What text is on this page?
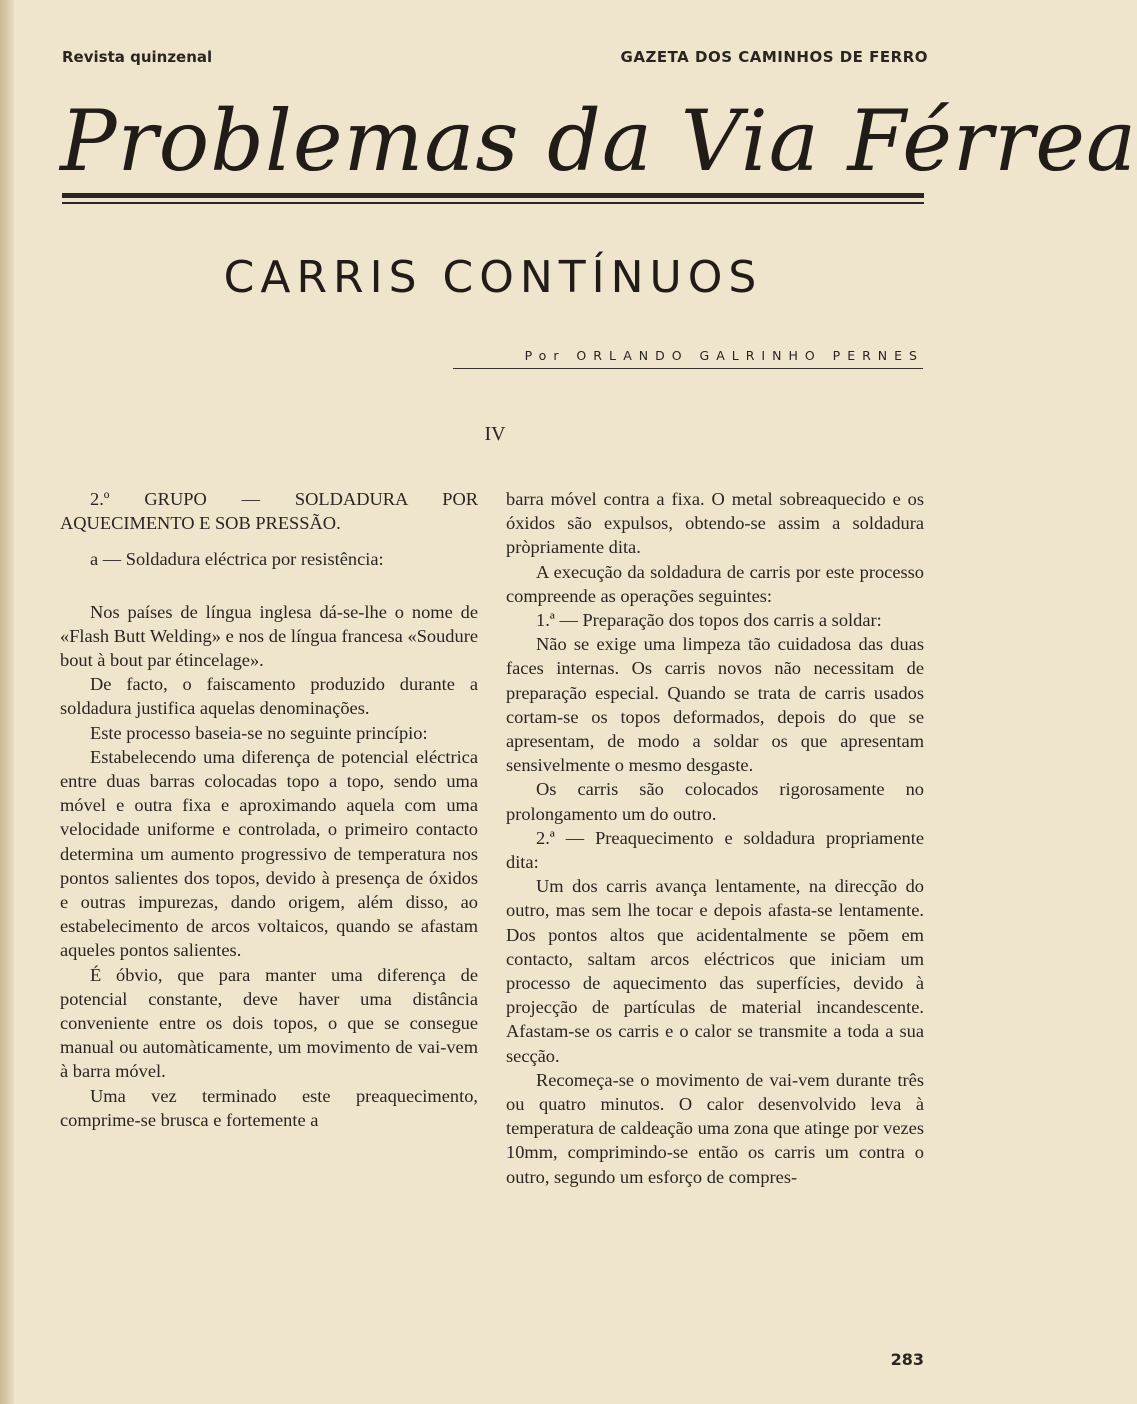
Revista quinzenal	GAZETA DOS CAMINHOS DE FERRO
Problemas da Via Férrea
CARRIS CONTÍNUOS
Por ORLANDO GALRINHO PERNES
IV

2.º GRUPO — SOLDADURA POR AQUECIMENTO E SOB PRESSÃO.

a — Soldadura eléctrica por resistência:

Nos países de língua inglesa dá-se-lhe o nome de «Flash Butt Welding» e nos de língua francesa «Soudure bout à bout par étincelage».

De facto, o faiscamento produzido durante a soldadura justifica aquelas denominações.

Este processo baseia-se no seguinte princípio:

Estabelecendo uma diferença de potencial eléctrica entre duas barras colocadas topo a topo, sendo uma móvel e outra fixa e aproximando aquela com uma velocidade uniforme e controlada, o primeiro contacto determina um aumento progressivo de temperatura nos pontos salientes dos topos, devido à presença de óxidos e outras impurezas, dando origem, além disso, ao estabelecimento de arcos voltaicos, quando se afastam aqueles pontos salientes.

É óbvio, que para manter uma diferença de potencial constante, deve haver uma distância conveniente entre os dois topos, o que se consegue manual ou automàticamente, um movimento de vai-vem à barra móvel.

Uma vez terminado este preaquecimento, comprime-se brusca e fortemente a

barra móvel contra a fixa. O metal sobreaquecido e os óxidos são expulsos, obtendo-se assim a soldadura pròpriamente dita.

A execução da soldadura de carris por este processo compreende as operações seguintes:

1.ª — Preparação dos topos dos carris a soldar:

Não se exige uma limpeza tão cuidadosa das duas faces internas. Os carris novos não necessitam de preparação especial. Quando se trata de carris usados cortam-se os topos deformados, depois do que se apresentam, de modo a soldar os que apresentam sensivelmente o mesmo desgaste.

Os carris são colocados rigorosamente no prolongamento um do outro.

2.ª — Preaquecimento e soldadura propriamente dita:

Um dos carris avança lentamente, na direcção do outro, mas sem lhe tocar e depois afasta-se lentamente. Dos pontos altos que acidentalmente se põem em contacto, saltam arcos eléctricos que iniciam um processo de aquecimento das superfícies, devido à projecção de partículas de material incandescente. Afastam-se os carris e o calor se transmite a toda a sua secção.

Recomeça-se o movimento de vai-vem durante três ou quatro minutos. O calor desenvolvido leva à temperatura de caldeação uma zona que atinge por vezes 10mm, comprimindo-se então os carris um contra o outro, segundo um esforço de compres-

283
